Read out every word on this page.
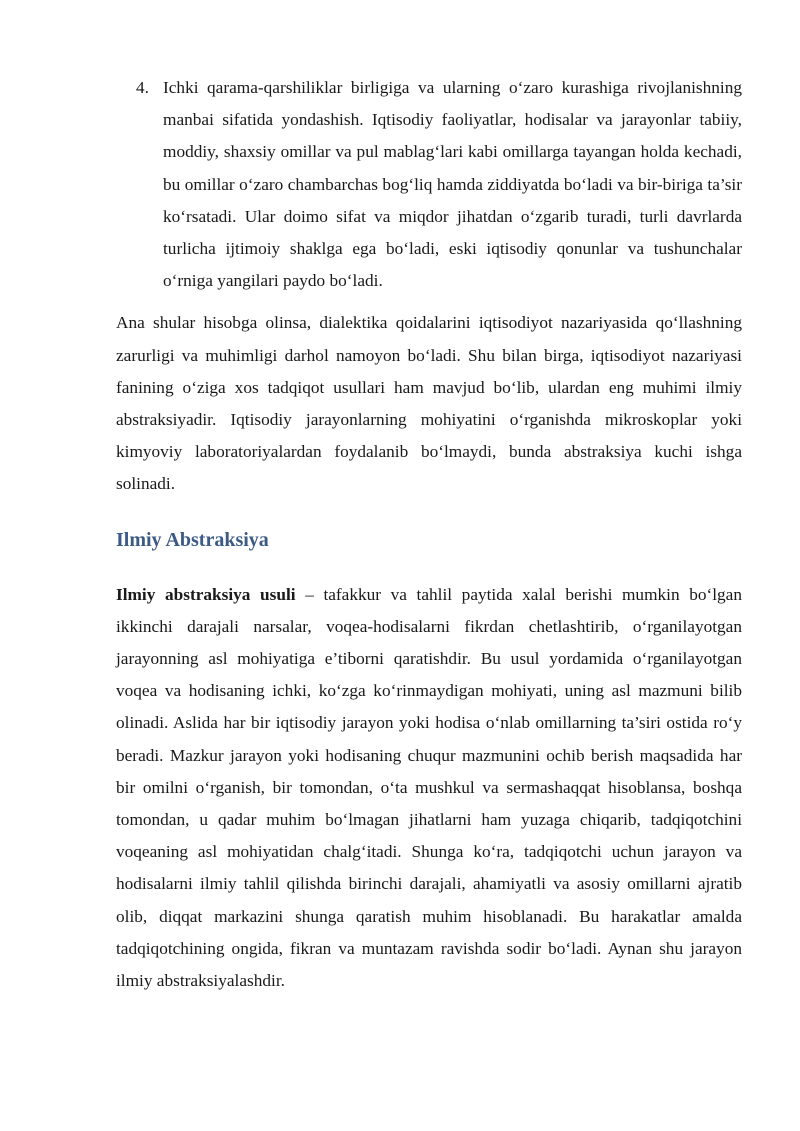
4. Ichki qarama-qarshiliklar birligiga va ularning o‘zaro kurashiga rivojlanishning manbai sifatida yondashish. Iqtisodiy faoliyatlar, hodisalar va jarayonlar tabiiy, moddiy, shaxsiy omillar va pul mablag‘lari kabi omillarga tayangan holda kechadi, bu omillar o‘zaro chambarchas bog‘liq hamda ziddiyatda bo‘ladi va bir-biriga ta’sir ko‘rsatadi. Ular doimo sifat va miqdor jihatdan o‘zgarib turadi, turli davrlarda turlicha ijtimoiy shaklga ega bo‘ladi, eski iqtisodiy qonunlar va tushunchalar o‘rniga yangilari paydo bo‘ladi.

Ana shular hisobga olinsa, dialektika qoidalarini iqtisodiyot nazariyasida qo‘llashning zarurligi va muhimligi darhol namoyon bo‘ladi. Shu bilan birga, iqtisodiyot nazariyasi fanining o‘ziga xos tadqiqot usullari ham mavjud bo‘lib, ulardan eng muhimi ilmiy abstraksiyadir. Iqtisodiy jarayonlarning mohiyatini o‘rganishda mikroskoplar yoki kimyoviy laboratoriyalardan foydalanib bo‘lmaydi, bunda abstraksiya kuchi ishga solinadi.

Ilmiy Abstraksiya

Ilmiy abstraksiya usuli – tafakkur va tahlil paytida xalal berishi mumkin bo‘lgan ikkinchi darajali narsalar, voqea-hodisalarni fikrdan chetlashtirib, o‘rganilayotgan jarayonning asl mohiyatiga e’tiborni qaratishdir. Bu usul yordamida o‘rganilayotgan voqea va hodisaning ichki, ko‘zga ko‘rinmaydigan mohiyati, uning asl mazmuni bilib olinadi. Aslida har bir iqtisodiy jarayon yoki hodisa o‘nlab omillarning ta’siri ostida ro‘y beradi. Mazkur jarayon yoki hodisaning chuqur mazmunini ochib berish maqsadida har bir omilni o‘rganish, bir tomondan, o‘ta mushkul va sermashaqqat hisoblansa, boshqa tomondan, u qadar muhim bo‘lmagan jihatlarni ham yuzaga chiqarib, tadqiqotchini voqeaning asl mohiyatidan chalg‘itadi. Shunga ko‘ra, tadqiqotchi uchun jarayon va hodisalarni ilmiy tahlil qilishda birinchi darajali, ahamiyatli va asosiy omillarni ajratib olib, diqqat markazini shunga qaratish muhim hisoblanadi. Bu harakatlar amalda tadqiqotchining ongida, fikran va muntazam ravishda sodir bo‘ladi. Aynan shu jarayon ilmiy abstraksiyalashdir.
